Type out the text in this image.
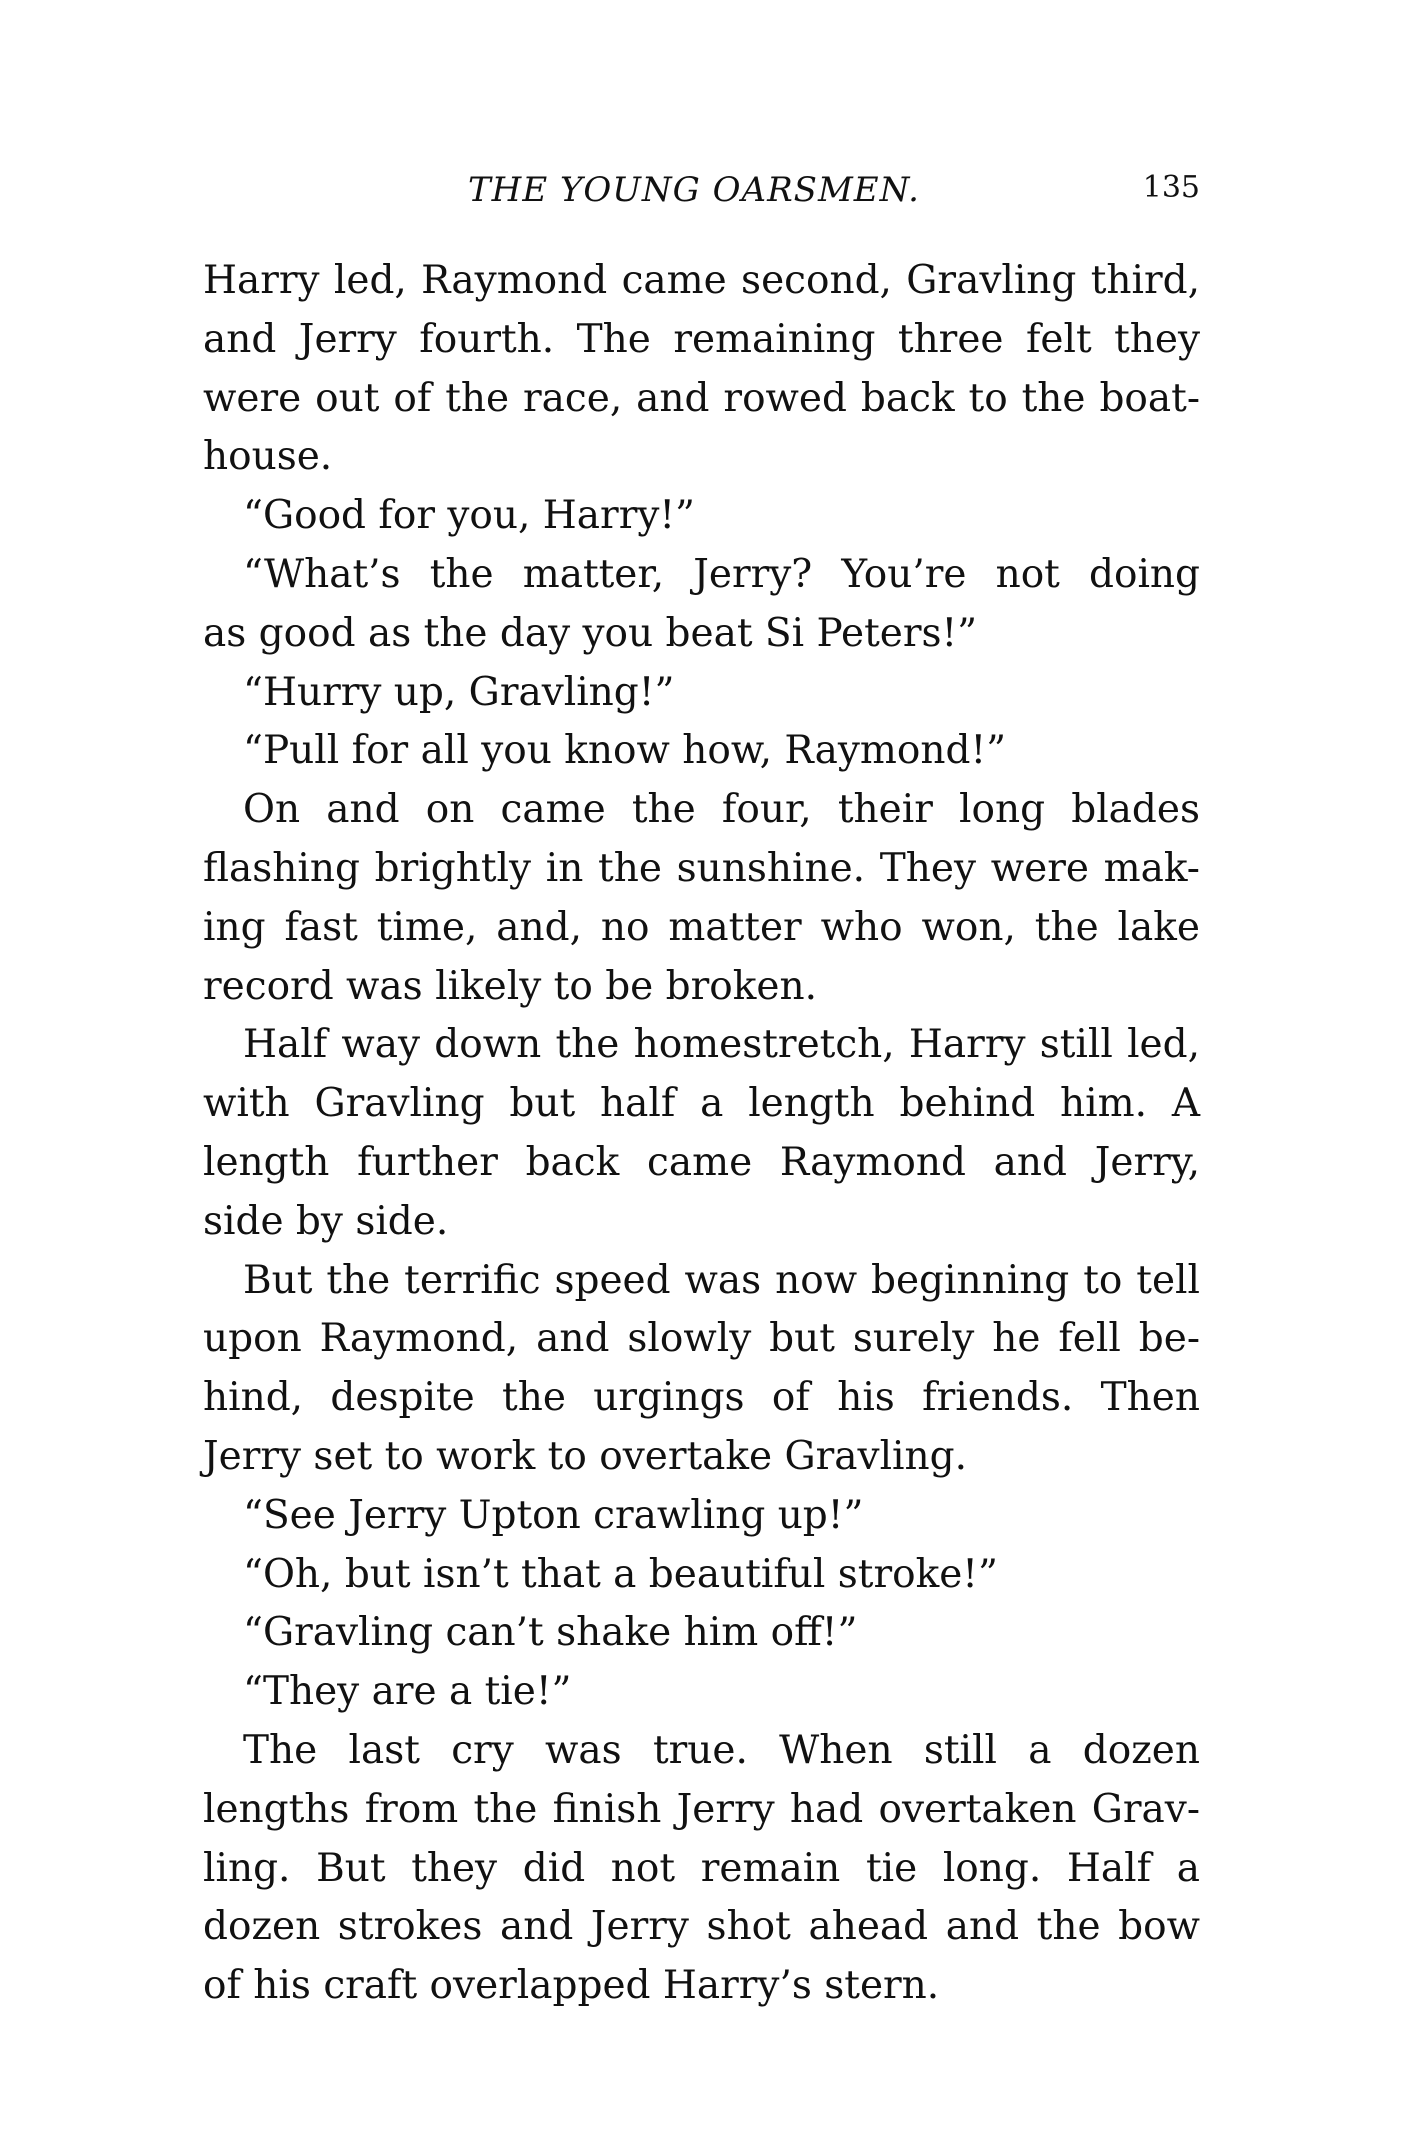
THE YOUNG OARSMEN.	135
Harry led, Raymond came second, Gravling third,
and Jerry fourth. The remaining three felt they
were out of the race, and rowed back to the boat-
house.
“Good for you, Harry!”
“What’s the matter, Jerry? You’re not doing
as good as the day you beat Si Peters!”
“Hurry up, Gravling!”
“Pull for all you know how, Raymond!”
On and on came the four, their long blades
flashing brightly in the sunshine. They were mak-
ing fast time, and, no matter who won, the lake
record was likely to be broken.
Half way down the homestretch, Harry still led,
with Gravling but half a length behind him. A
length further back came Raymond and Jerry,
side by side.
But the terrific speed was now beginning to tell
upon Raymond, and slowly but surely he fell be-
hind, despite the urgings of his friends. Then
Jerry set to work to overtake Gravling.
“See Jerry Upton crawling up!”
“Oh, but isn’t that a beautiful stroke!”
“Gravling can’t shake him off!”
“They are a tie!”
The last cry was true. When still a dozen
lengths from the finish Jerry had overtaken Grav-
ling. But they did not remain tie long. Half a
dozen strokes and Jerry shot ahead and the bow
of his craft overlapped Harry’s stern.
